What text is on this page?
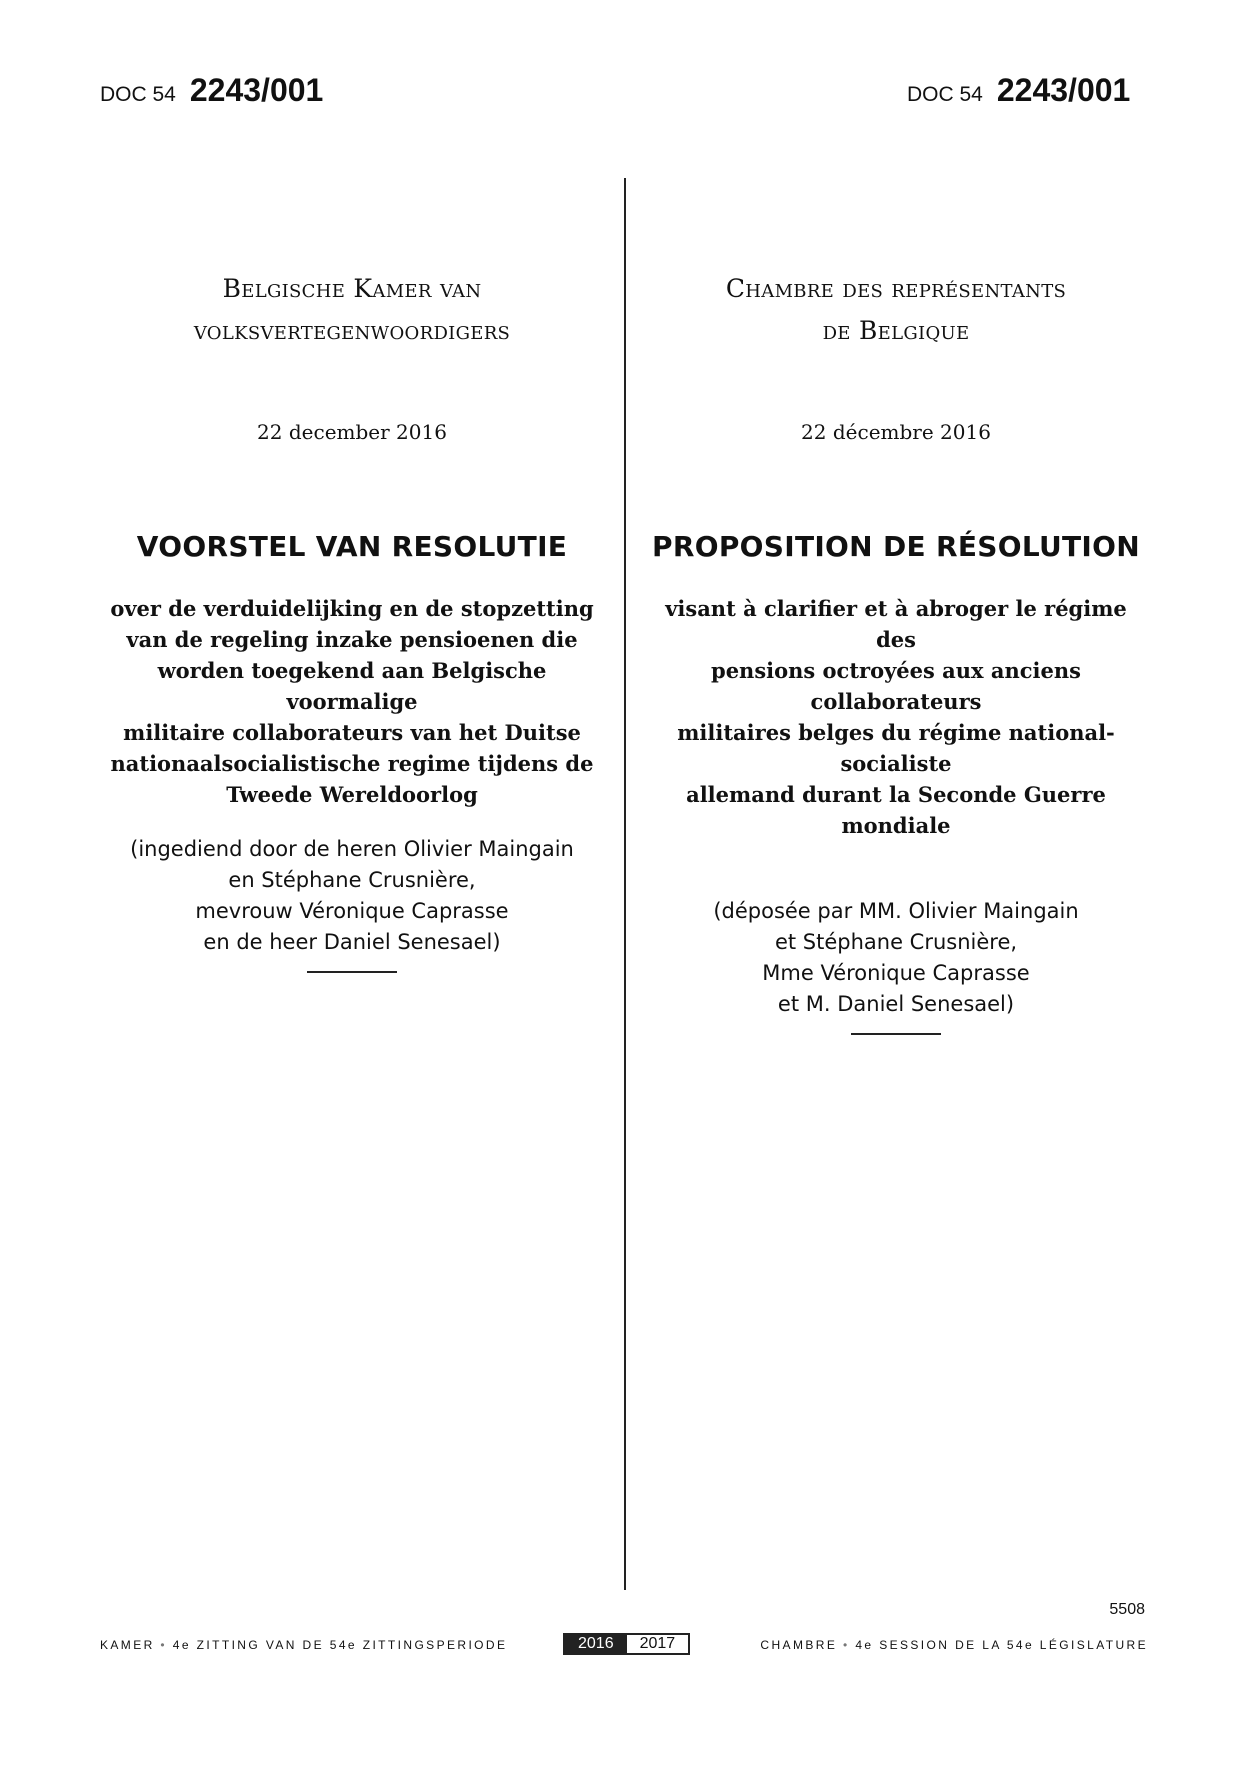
DOC 54 2243/001	DOC 54 2243/001
Belgische Kamer van
volksvertegenwoordigers
22 december 2016
VOORSTEL VAN RESOLUTIE
over de verduidelijking en de stopzetting
van de regeling inzake pensioenen die
worden toegekend aan Belgische voormalige
militaire collaborateurs van het Duitse
nationaalsocialistische regime tijdens de
Tweede Wereldoorlog
(ingediend door de heren Olivier Maingain
en Stéphane Crusnière,
mevrouw Véronique Caprasse
en de heer Daniel Senesael)
Chambre des représentants
de Belgique
22 décembre 2016
PROPOSITION DE RÉSOLUTION
visant à clarifier et à abroger le régime des
pensions octroyées aux anciens collaborateurs
militaires belges du régime national-socialiste
allemand durant la Seconde Guerre mondiale
(déposée par MM. Olivier Maingain
et Stéphane Crusnière,
Mme Véronique Caprasse
et M. Daniel Senesael)
5508
KAMER • 4e ZITTING VAN DE 54e ZITTINGSPERIODE	2016	2017	CHAMBRE • 4e SESSION DE LA 54e LÉGISLATURE
